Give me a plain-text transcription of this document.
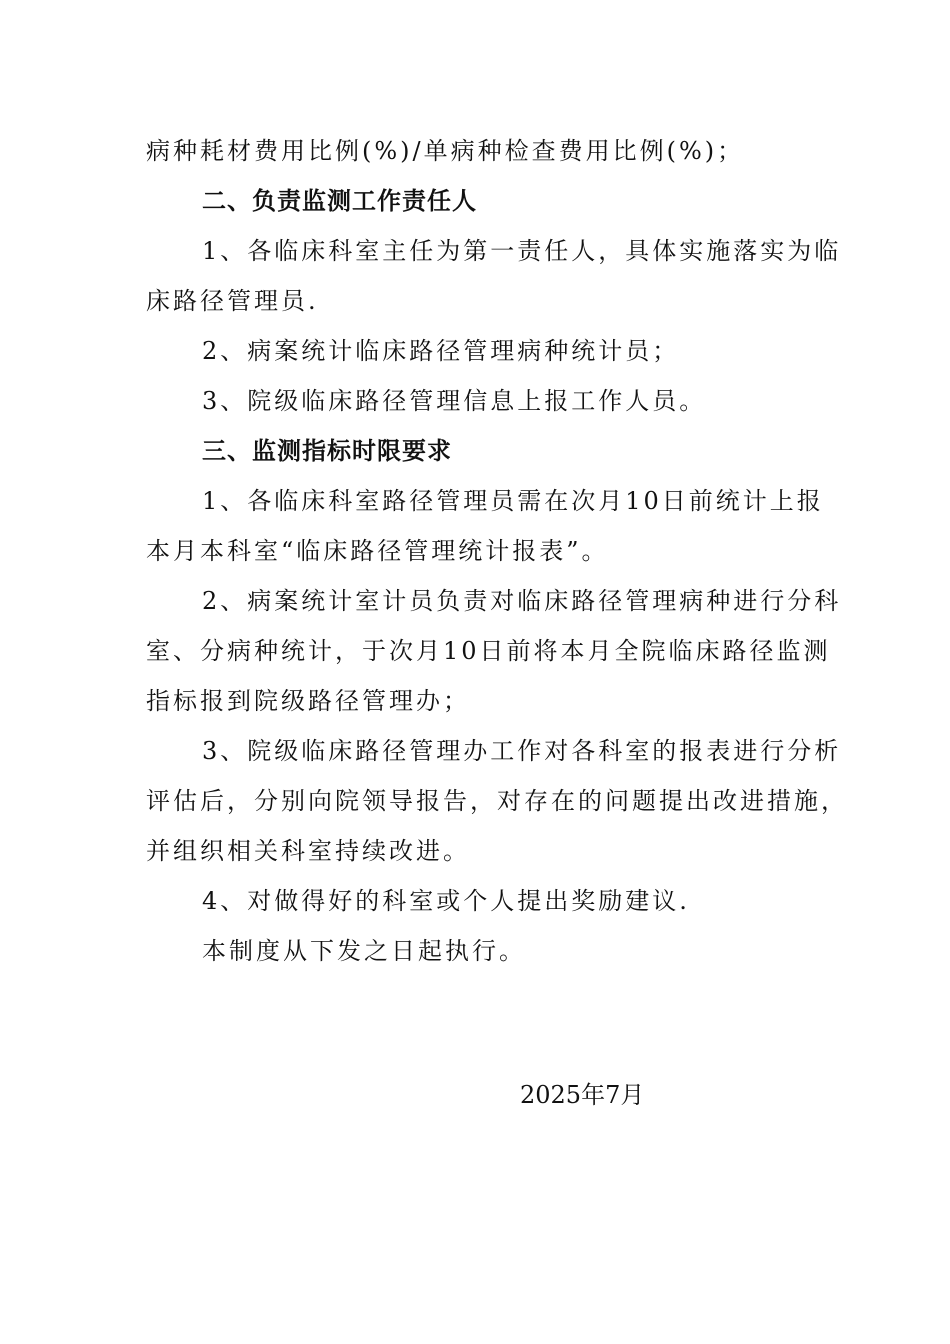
病种耗材费用比例(%)/单病种检查费用比例(%)；
二、负责监测工作责任人
1、各临床科室主任为第一责任人，具体实施落实为临
床路径管理员.
2、病案统计临床路径管理病种统计员；
3、院级临床路径管理信息上报工作人员。
三、监测指标时限要求
1、各临床科室路径管理员需在次月10日前统计上报
本月本科室“临床路径管理统计报表”。
2、病案统计室计员负责对临床路径管理病种进行分科
室、分病种统计，于次月10日前将本月全院临床路径监测
指标报到院级路径管理办；
3、院级临床路径管理办工作对各科室的报表进行分析
评估后，分别向院领导报告，对存在的问题提出改进措施，
并组织相关科室持续改进。
4、对做得好的科室或个人提出奖励建议.
本制度从下发之日起执行。
2025年7月
